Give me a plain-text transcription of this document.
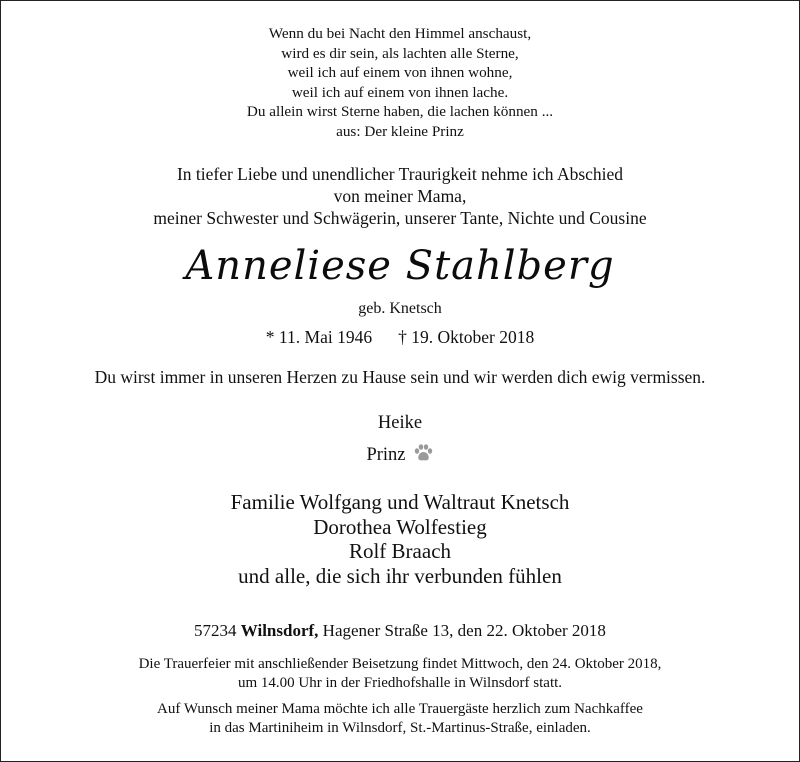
Wenn du bei Nacht den Himmel anschaust,
wird es dir sein, als lachten alle Sterne,
weil ich auf einem von ihnen wohne,
weil ich auf einem von ihnen lache.
Du allein wirst Sterne haben, die lachen können ...
aus: Der kleine Prinz
In tiefer Liebe und unendlicher Traurigkeit nehme ich Abschied
von meiner Mama,
meiner Schwester und Schwägerin, unserer Tante, Nichte und Cousine
Anneliese Stahlberg
geb. Knetsch
* 11. Mai 1946 † 19. Oktober 2018
Du wirst immer in unseren Herzen zu Hause sein und wir werden dich ewig vermissen.
Heike
Prinz
Familie Wolfgang und Waltraut Knetsch
Dorothea Wolfestieg
Rolf Braach
und alle, die sich ihr verbunden fühlen
57234 Wilnsdorf, Hagener Straße 13, den 22. Oktober 2018
Die Trauerfeier mit anschließender Beisetzung findet Mittwoch, den 24. Oktober 2018,
um 14.00 Uhr in der Friedhofshalle in Wilnsdorf statt.
Auf Wunsch meiner Mama möchte ich alle Trauergäste herzlich zum Nachkaffee
in das Martiniheim in Wilnsdorf, St.-Martinus-Straße, einladen.
